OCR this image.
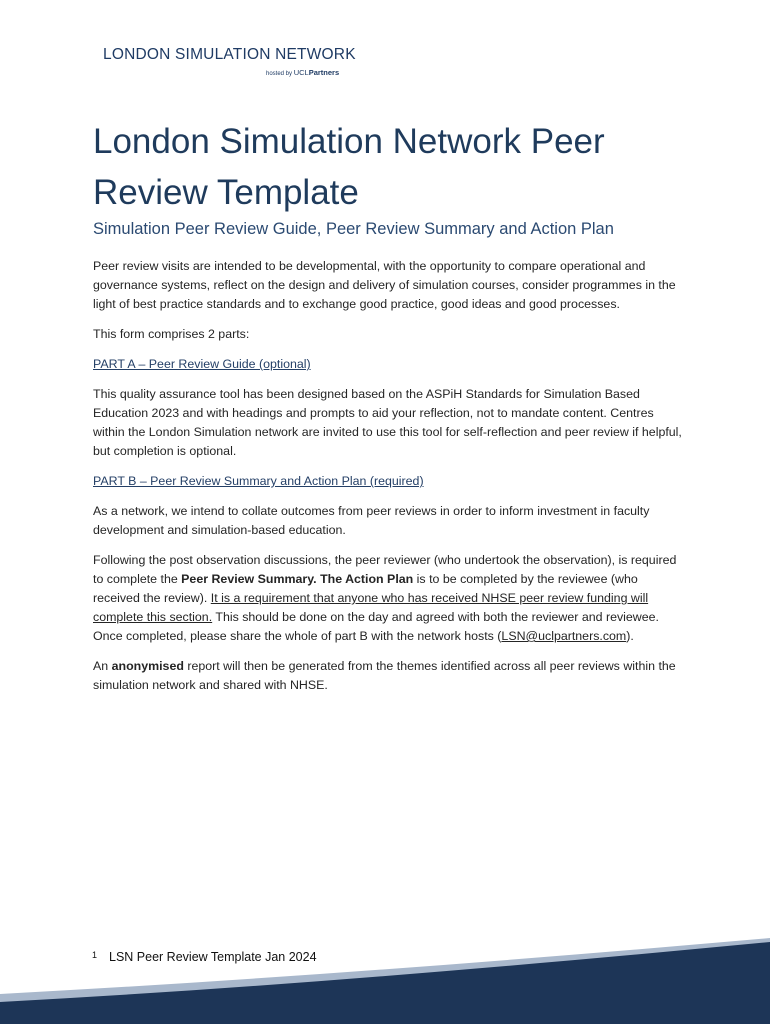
LONDON SIMULATION NETWORK
hosted by UCLPartners
London Simulation Network Peer Review Template
Simulation Peer Review Guide, Peer Review Summary and Action Plan

Peer review visits are intended to be developmental, with the opportunity to compare operational and governance systems, reflect on the design and delivery of simulation courses, consider programmes in the light of best practice standards and to exchange good practice, good ideas and good processes.

This form comprises 2 parts:

PART A – Peer Review Guide (optional)

This quality assurance tool has been designed based on the ASPiH Standards for Simulation Based Education 2023 and with headings and prompts to aid your reflection, not to mandate content. Centres within the London Simulation network are invited to use this tool for self-reflection and peer review if helpful, but completion is optional.

PART B – Peer Review Summary and Action Plan (required)

As a network, we intend to collate outcomes from peer reviews in order to inform investment in faculty development and simulation-based education.

Following the post observation discussions, the peer reviewer (who undertook the observation), is required to complete the Peer Review Summary. The Action Plan is to be completed by the reviewee (who received the review). It is a requirement that anyone who has received NHSE peer review funding will complete this section. This should be done on the day and agreed with both the reviewer and reviewee. Once completed, please share the whole of part B with the network hosts (LSN@uclpartners.com).

An anonymised report will then be generated from the themes identified across all peer reviews within the simulation network and shared with NHSE.

$^1$ LSN Peer Review Template Jan 2024
